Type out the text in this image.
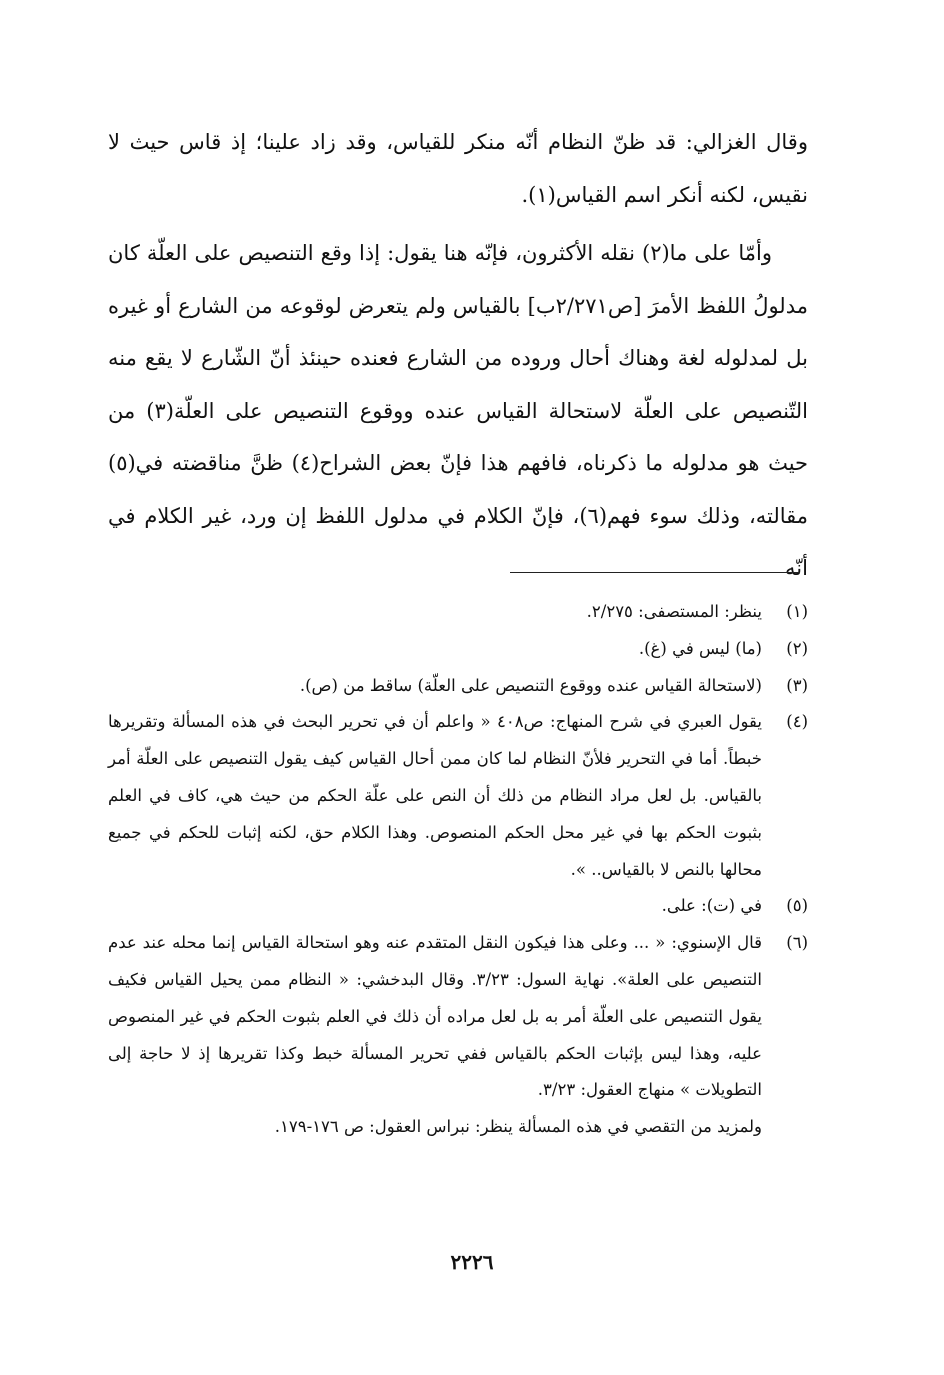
وقال الغزالي: قد ظنّ النظام أنّه منكر للقياس، وقد زاد علينا؛ إذ قاس حيث لا نقيس، لكنه أنكر اسم القياس(١).

وأمّا على ما(٢) نقله الأكثرون، فإنّه هنا يقول: إذا وقع التنصيص على العلّة كان مدلولُ اللفظ الأمرَ [ص٢/٢٧١ب] بالقياس ولم يتعرض لوقوعه من الشارع أو غيره بل لمدلوله لغة وهناك أحال وروده من الشارع فعنده حينئذ أنّ الشّارع لا يقع منه التّنصيص على العلّة لاستحالة القياس عنده ووقوع التنصيص على العلّة(٣) من حيث هو مدلوله ما ذكرناه، فافهم هذا فإنّ بعض الشراح(٤) ظنَّ مناقضته في(٥) مقالته، وذلك سوء فهم(٦)، فإنّ الكلام في مدلول اللفظ إن ورد، غير الكلام في أنّه

(١)
ينظر: المستصفى: ٢/٢٧٥.
(٢)
(ما) ليس في (غ).
(٣)
(لاستحالة القياس عنده ووقوع التنصيص على العلّة) ساقط من (ص).
(٤)
يقول العبري في شرح المنهاج: ص٤٠٨ « واعلم أن في تحرير البحث في هذه المسألة وتقريرها خبطاً. أما في التحرير فلأنّ النظام لما كان ممن أحال القياس كيف يقول التنصيص على العلّة أمر بالقياس. بل لعل مراد النظام من ذلك أن النص على علّة الحكم من حيث هي، كاف في العلم بثبوت الحكم بها في غير محل الحكم المنصوص. وهذا الكلام حق، لكنه إثبات للحكم في جميع محالها بالنص لا بالقياس.. ».
(٥)
في (ت): على.
(٦)
قال الإسنوي: « ... وعلى هذا فيكون النقل المتقدم عنه وهو استحالة القياس إنما محله عند عدم التنصيص على العلة». نهاية السول: ٣/٢٣. وقال البدخشي: « النظام ممن يحيل القياس فكيف يقول التنصيص على العلّة أمر به بل لعل مراده أن ذلك في العلم بثبوت الحكم في غير المنصوص عليه، وهذا ليس بإثبات الحكم بالقياس ففي تحرير المسألة خبط وكذا تقريرها إذ لا حاجة إلى التطويلات » منهاج العقول: ٣/٢٣.
ولمزيد من التقصي في هذه المسألة ينظر: نبراس العقول: ص ١٧٦-١٧٩.
٢٢٢٦
